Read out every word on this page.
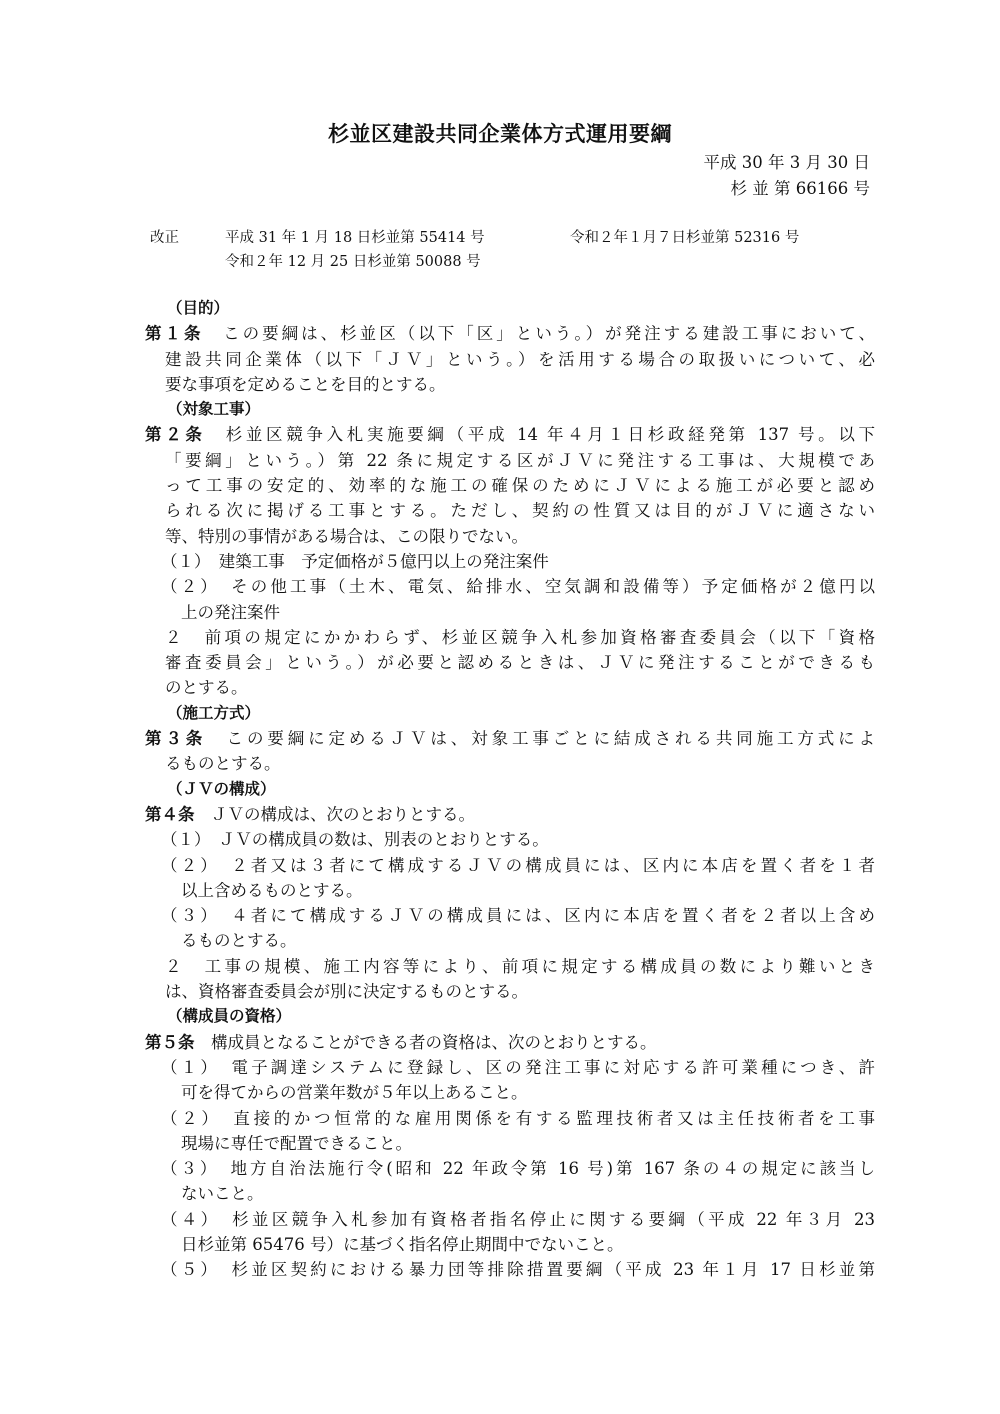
杉並区建設共同企業体方式運用要綱
平成 30 年 3 月 30 日
杉 並 第 66166 号
改正	平成 31 年 1 月 18 日杉並第 55414 号	令和２年１月７日杉並第 52316 号
令和２年 12 月 25 日杉並第 50088 号
（目的）
第１条　この要綱は、杉並区（以下「区」という。）が発注する建設工事において、
建設共同企業体（以下「ＪＶ」という。）を活用する場合の取扱いについて、必
要な事項を定めることを目的とする。
（対象工事）
第２条　杉並区競争入札実施要綱（平成 14 年４月１日杉政経発第 137 号。以下
「要綱」という。）第 22 条に規定する区がＪＶに発注する工事は、大規模であ
って工事の安定的、効率的な施工の確保のためにＪＶによる施工が必要と認め
られる次に掲げる工事とする。ただし、契約の性質又は目的がＪＶに適さない
等、特別の事情がある場合は、この限りでない。
（１）　建築工事　予定価格が５億円以上の発注案件
（２）　その他工事（土木、電気、給排水、空気調和設備等）予定価格が２億円以
上の発注案件
２　前項の規定にかかわらず、杉並区競争入札参加資格審査委員会（以下「資格
審査委員会」という。）が必要と認めるときは、ＪＶに発注することができるも
のとする。
（施工方式）
第３条　この要綱に定めるＪＶは、対象工事ごとに結成される共同施工方式によ
るものとする。
（ＪＶの構成）
第４条　ＪＶの構成は、次のとおりとする。
（１）　ＪＶの構成員の数は、別表のとおりとする。
（２）　２者又は３者にて構成するＪＶの構成員には、区内に本店を置く者を１者
以上含めるものとする。
（３）　４者にて構成するＪＶの構成員には、区内に本店を置く者を２者以上含め
るものとする。
２　工事の規模、施工内容等により、前項に規定する構成員の数により難いとき
は、資格審査委員会が別に決定するものとする。
（構成員の資格）
第５条　構成員となることができる者の資格は、次のとおりとする。
（１）　電子調達システムに登録し、区の発注工事に対応する許可業種につき、許
可を得てからの営業年数が５年以上あること。
（２）　直接的かつ恒常的な雇用関係を有する監理技術者又は主任技術者を工事
現場に専任で配置できること。
（３）　地方自治法施行令(昭和 22 年政令第 16 号)第 167 条の４の規定に該当し
ないこと。
（４）　杉並区競争入札参加有資格者指名停止に関する要綱（平成 22 年３月 23
日杉並第 65476 号）に基づく指名停止期間中でないこと。
（５）　杉並区契約における暴力団等排除措置要綱（平成 23 年１月 17 日杉並第
